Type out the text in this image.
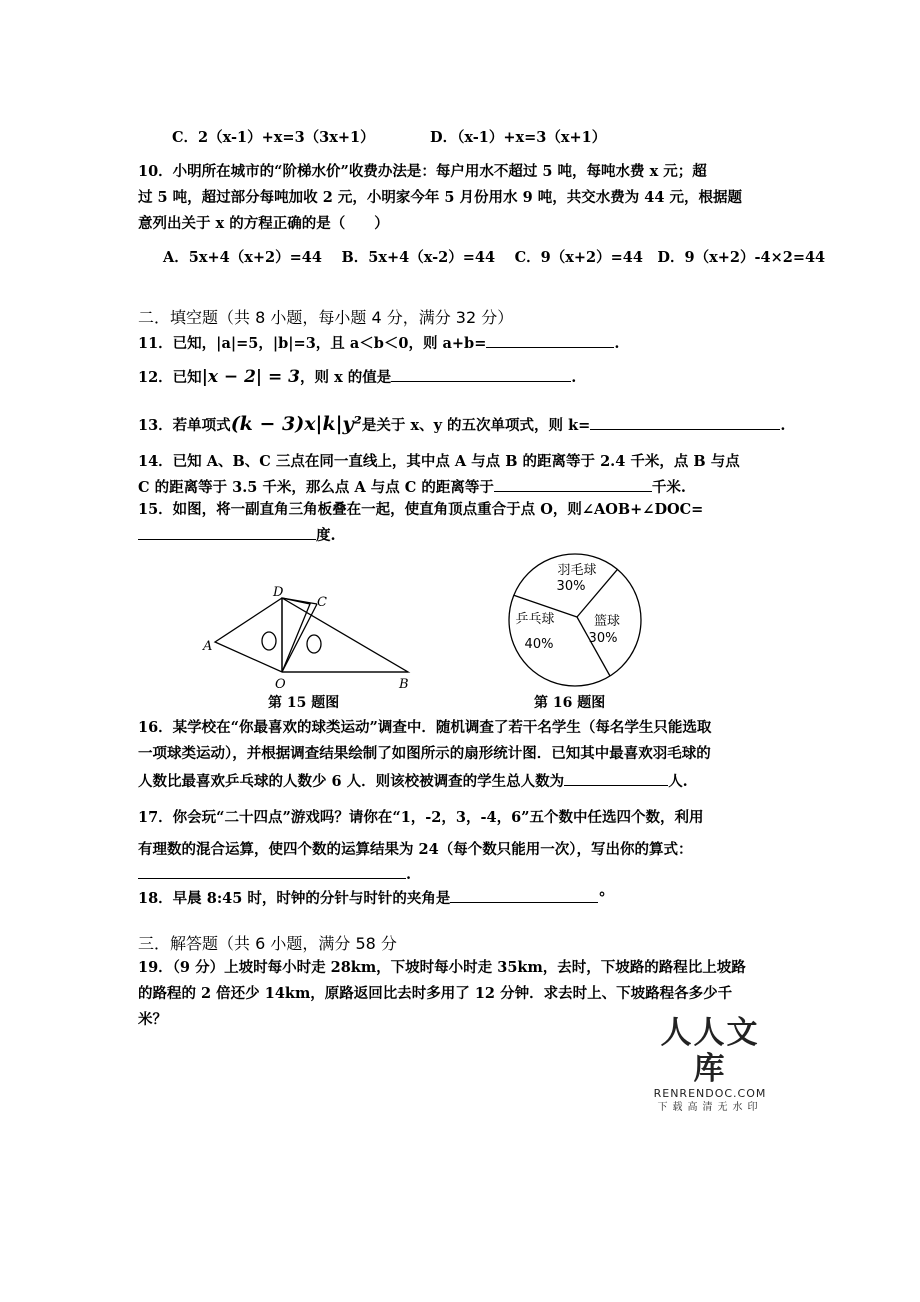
C．2（x-1）+x=3（3x+1）	D．（x-1）+x=3（x+1）
10．小明所在城市的“阶梯水价”收费办法是：每户用水不超过 5 吨，每吨水费 x 元；超
过 5 吨，超过部分每吨加收 2 元，小明家今年 5 月份用水 9 吨，共交水费为 44 元，根据题
意列出关于 x 的方程正确的是（　　）
A．5x+4（x+2）=44　 B．5x+4（x-2）=44　 C．9（x+2）=44　D．9（x+2）-4×2=44
二．填空题（共 8 小题，每小题 4 分，满分 32 分）
11．已知，|a|=5，|b|=3，且 a＜b＜0，则 a+b=	.
12．已知|x − 2| = 3，则 x 的值是	.
13．若单项式(k − 3)x|k|y²是关于 x、y 的五次单项式，则 k=	.
14．已知 A、B、C 三点在同一直线上，其中点 A 与点 B 的距离等于 2.4 千米，点 B 与点
C 的距离等于 3.5 千米，那么点 A 与点 C 的距离等于	千米.
15．如图，将一副直角三角板叠在一起，使直角顶点重合于点 O，则∠AOB+∠DOC=
度.
A
D
C
O	B
第 15 题图
羽毛球
30%
篮球
30%
乒乓球
40%
第 16 题图
16．某学校在“你最喜欢的球类运动”调查中．随机调查了若干名学生（每名学生只能选取
一项球类运动），并根据调查结果绘制了如图所示的扇形统计图．已知其中最喜欢羽毛球的
人数比最喜欢乒乓球的人数少 6 人．则该校被调查的学生总人数为	人.
17．你会玩“二十四点”游戏吗？请你在“1，-2，3，-4，6”五个数中任选四个数，利用
有理数的混合运算，使四个数的运算结果为 24（每个数只能用一次），写出你的算式：
.
18．早晨 8:45 时，时钟的分针与时针的夹角是	°
三．解答题（共 6 小题，满分 58 分
19．（9 分）上坡时每小时走 28km，下坡时每小时走 35km，去时，下坡路的路程比上坡路
的路程的 2 倍还少 14km，原路返回比去时多用了 12 分钟．求去时上、下坡路程各多少千
米？	人人文库
RENRENDOC.COM
下载高清无水印
